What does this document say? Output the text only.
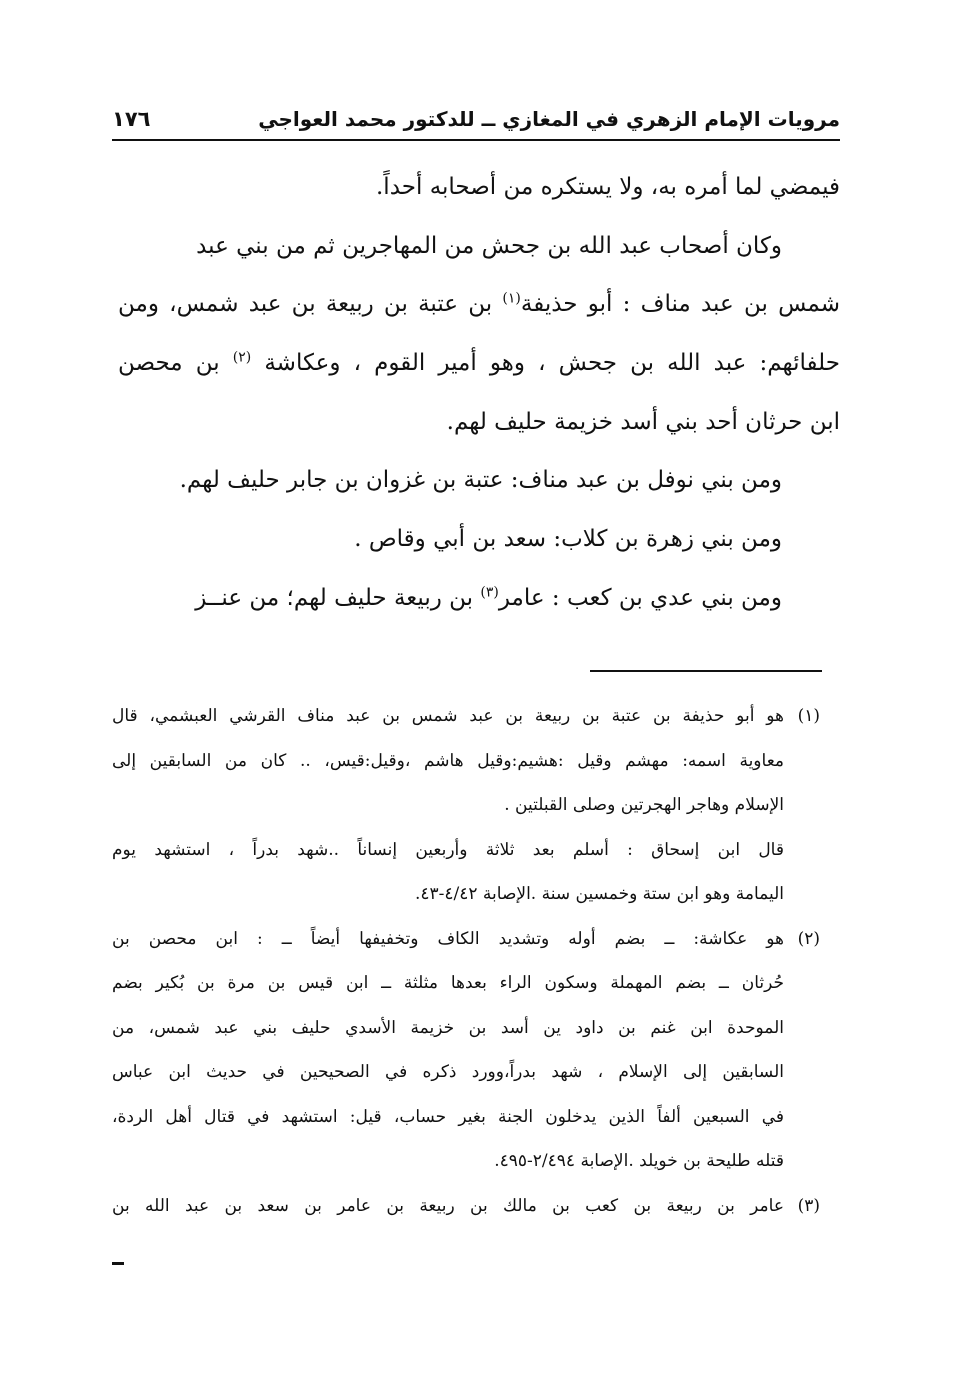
مرويات الإمام الزهري في المغازي ــ للدكتور محمد العواجي
١٧٦
فيمضي لما أمره به، ولا يستكره من أصحابه أحداً.
وكان أصحاب عبد الله بن جحش من المهاجرين ثم من بني عبد
شمس بن عبد مناف : أبو حذيفة$^{(١)}$ بن عتبة بن ربيعة بن عبد شمس، ومن
حلفائهم: عبد الله بن جحش ، وهو أمير القوم ، وعكاشة $^{(٢)}$ بن محصن
ابن حرثان أحد بني أسد خزيمة حليف لهم.
ومن بني نوفل بن عبد مناف: عتبة بن غزوان بن جابر حليف لهم.
ومن بني زهرة بن كلاب: سعد بن أبي وقاص .
ومن بني عدي بن كعب : عامر$^{(٣)}$ بن ربيعة حليف لهم؛ من عنــز
(١)هو أبو حذيفة بن عتبة بن ربيعة بن عبد شمس بن عبد مناف القرشي العبشمي، قال
معاوية اسمه: مهشم وقيل :هشيم:وقيل هاشم ،وقيل:قيس، .. كان من السابقين إلى
الإسلام وهاجر الهجرتين وصلى القبلتين .
قال ابن إسحاق : أسلم بعد ثلاثة وأربعين إنساناً ..شهد بدراً ، استشهد يوم
اليمامة وهو ابن ستة وخمسين سنة .الإصابة ٤/٤٢-٤٣.
(٢)هو عكاشة: ــ بضم أوله وتشديد الكاف وتخفيفها أيضاً ــ : ابن محصن بن
حُرثان ــ بضم المهملة وسكون الراء بعدها مثلثة ــ ابن قيس بن مرة بن بُكير بضم
الموحدة ابن غنم بن داود ين أسد بن خزيمة الأسدي حليف بني عبد شمس، من
السابقين إلى الإسلام ، شهد بدراً،وورد ذكره في الصحيحين في حديث ابن عباس
في السبعين ألفاً الذين يدخلون الجنة بغير حساب، قيل: استشهد في قتال أهل الردة،
قتله طليحة بن خويلد .الإصابة ٢/٤٩٤-٤٩٥.
(٣)عامر بن ربيعة بن كعب بن مالك بن ربيعة بن عامر بن سعد بن عبد الله بن
